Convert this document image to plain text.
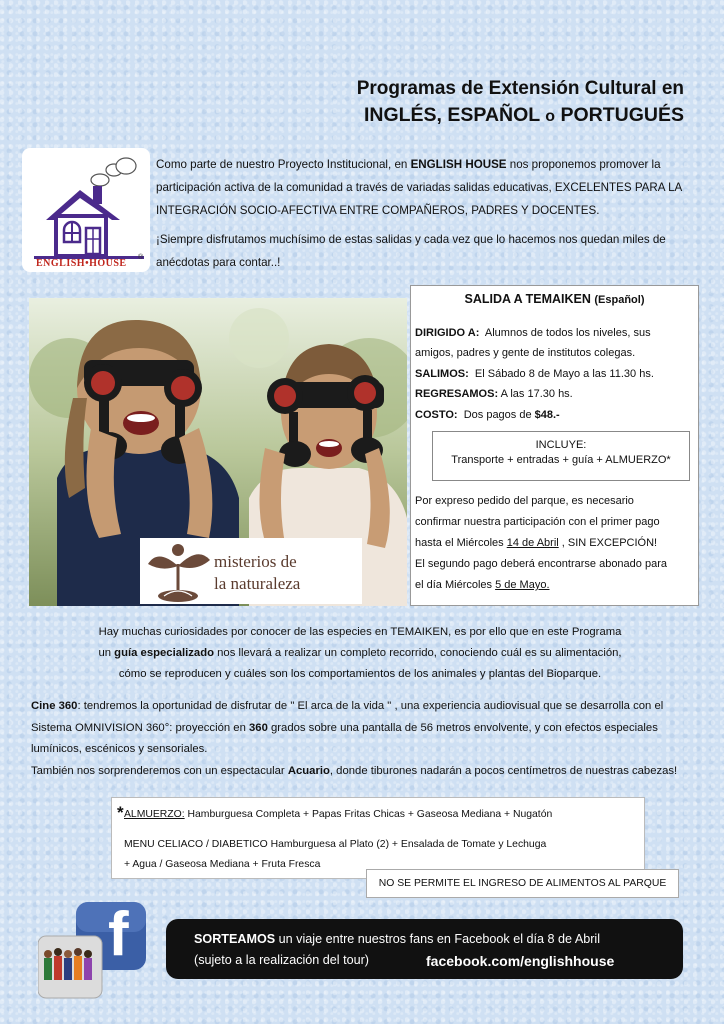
Programas de Extensión Cultural en
INGLÉS, ESPAÑOL o PORTUGUÉS
ENGLISH•HOUSE
®

Como parte de nuestro Proyecto Institucional, en ENGLISH HOUSE nos proponemos promover la participación activa de la comunidad a través de variadas salidas educativas, EXCELENTES PARA LA INTEGRACIÓN SOCIO-AFECTIVA ENTRE COMPAÑEROS, PADRES Y DOCENTES.

¡Siempre disfrutamos muchísimo de estas salidas y cada vez que lo hacemos nos quedan miles de anécdotas para contar..!

misterios de
la naturaleza
SALIDA A TEMAIKEN (Español)
DIRIGIDO A: Alumnos de todos los niveles, sus
amigos, padres y gente de institutos colegas.
SALIMOS: El Sábado 8 de Mayo a las 11.30 hs.
REGRESAMOS: A las 17.30 hs.
COSTO: Dos pagos de $48.-
INCLUYE:
Transporte + entradas + guía + ALMUERZO*
Por expreso pedido del parque, es necesario
confirmar nuestra participación con el primer pago
hasta el Miércoles 14 de Abril , SIN EXCEPCIÓN!
El segundo pago deberá encontrarse abonado para
el día Miércoles 5 de Mayo.
Hay muchas curiosidades por conocer de las especies en TEMAIKEN, es por ello que en este Programa
un guía especializado nos llevará a realizar un completo recorrido, conociendo cuál es su alimentación,
cómo se reproducen y cuáles son los comportamientos de los animales y plantas del Bioparque.
Cine 360: tendremos la oportunidad de disfrutar de " El arca de la vida " , una experiencia audiovisual que se desarrolla con el Sistema OMNIVISION 360°: proyección en 360 grados sobre una pantalla de 56 metros envolvente, y con efectos especiales lumínicos, escénicos y sensoriales.
También nos sorprenderemos con un espectacular Acuario, donde tiburones nadarán a pocos centímetros de nuestras cabezas!
* ALMUERZO: Hamburguesa Completa + Papas Fritas Chicas + Gaseosa Mediana + Nugatón
MENU CELIACO / DIABETICO Hamburguesa al Plato (2) + Ensalada de Tomate y Lechuga
+ Agua / Gaseosa Mediana + Fruta Fresca
NO SE PERMITE EL INGRESO DE ALIMENTOS AL PARQUE
f	SORTEAMOS un viaje entre nuestros fans en Facebook el día 8 de Abril
(sujeto a la realización del tour)	facebook.com/englishhouse
